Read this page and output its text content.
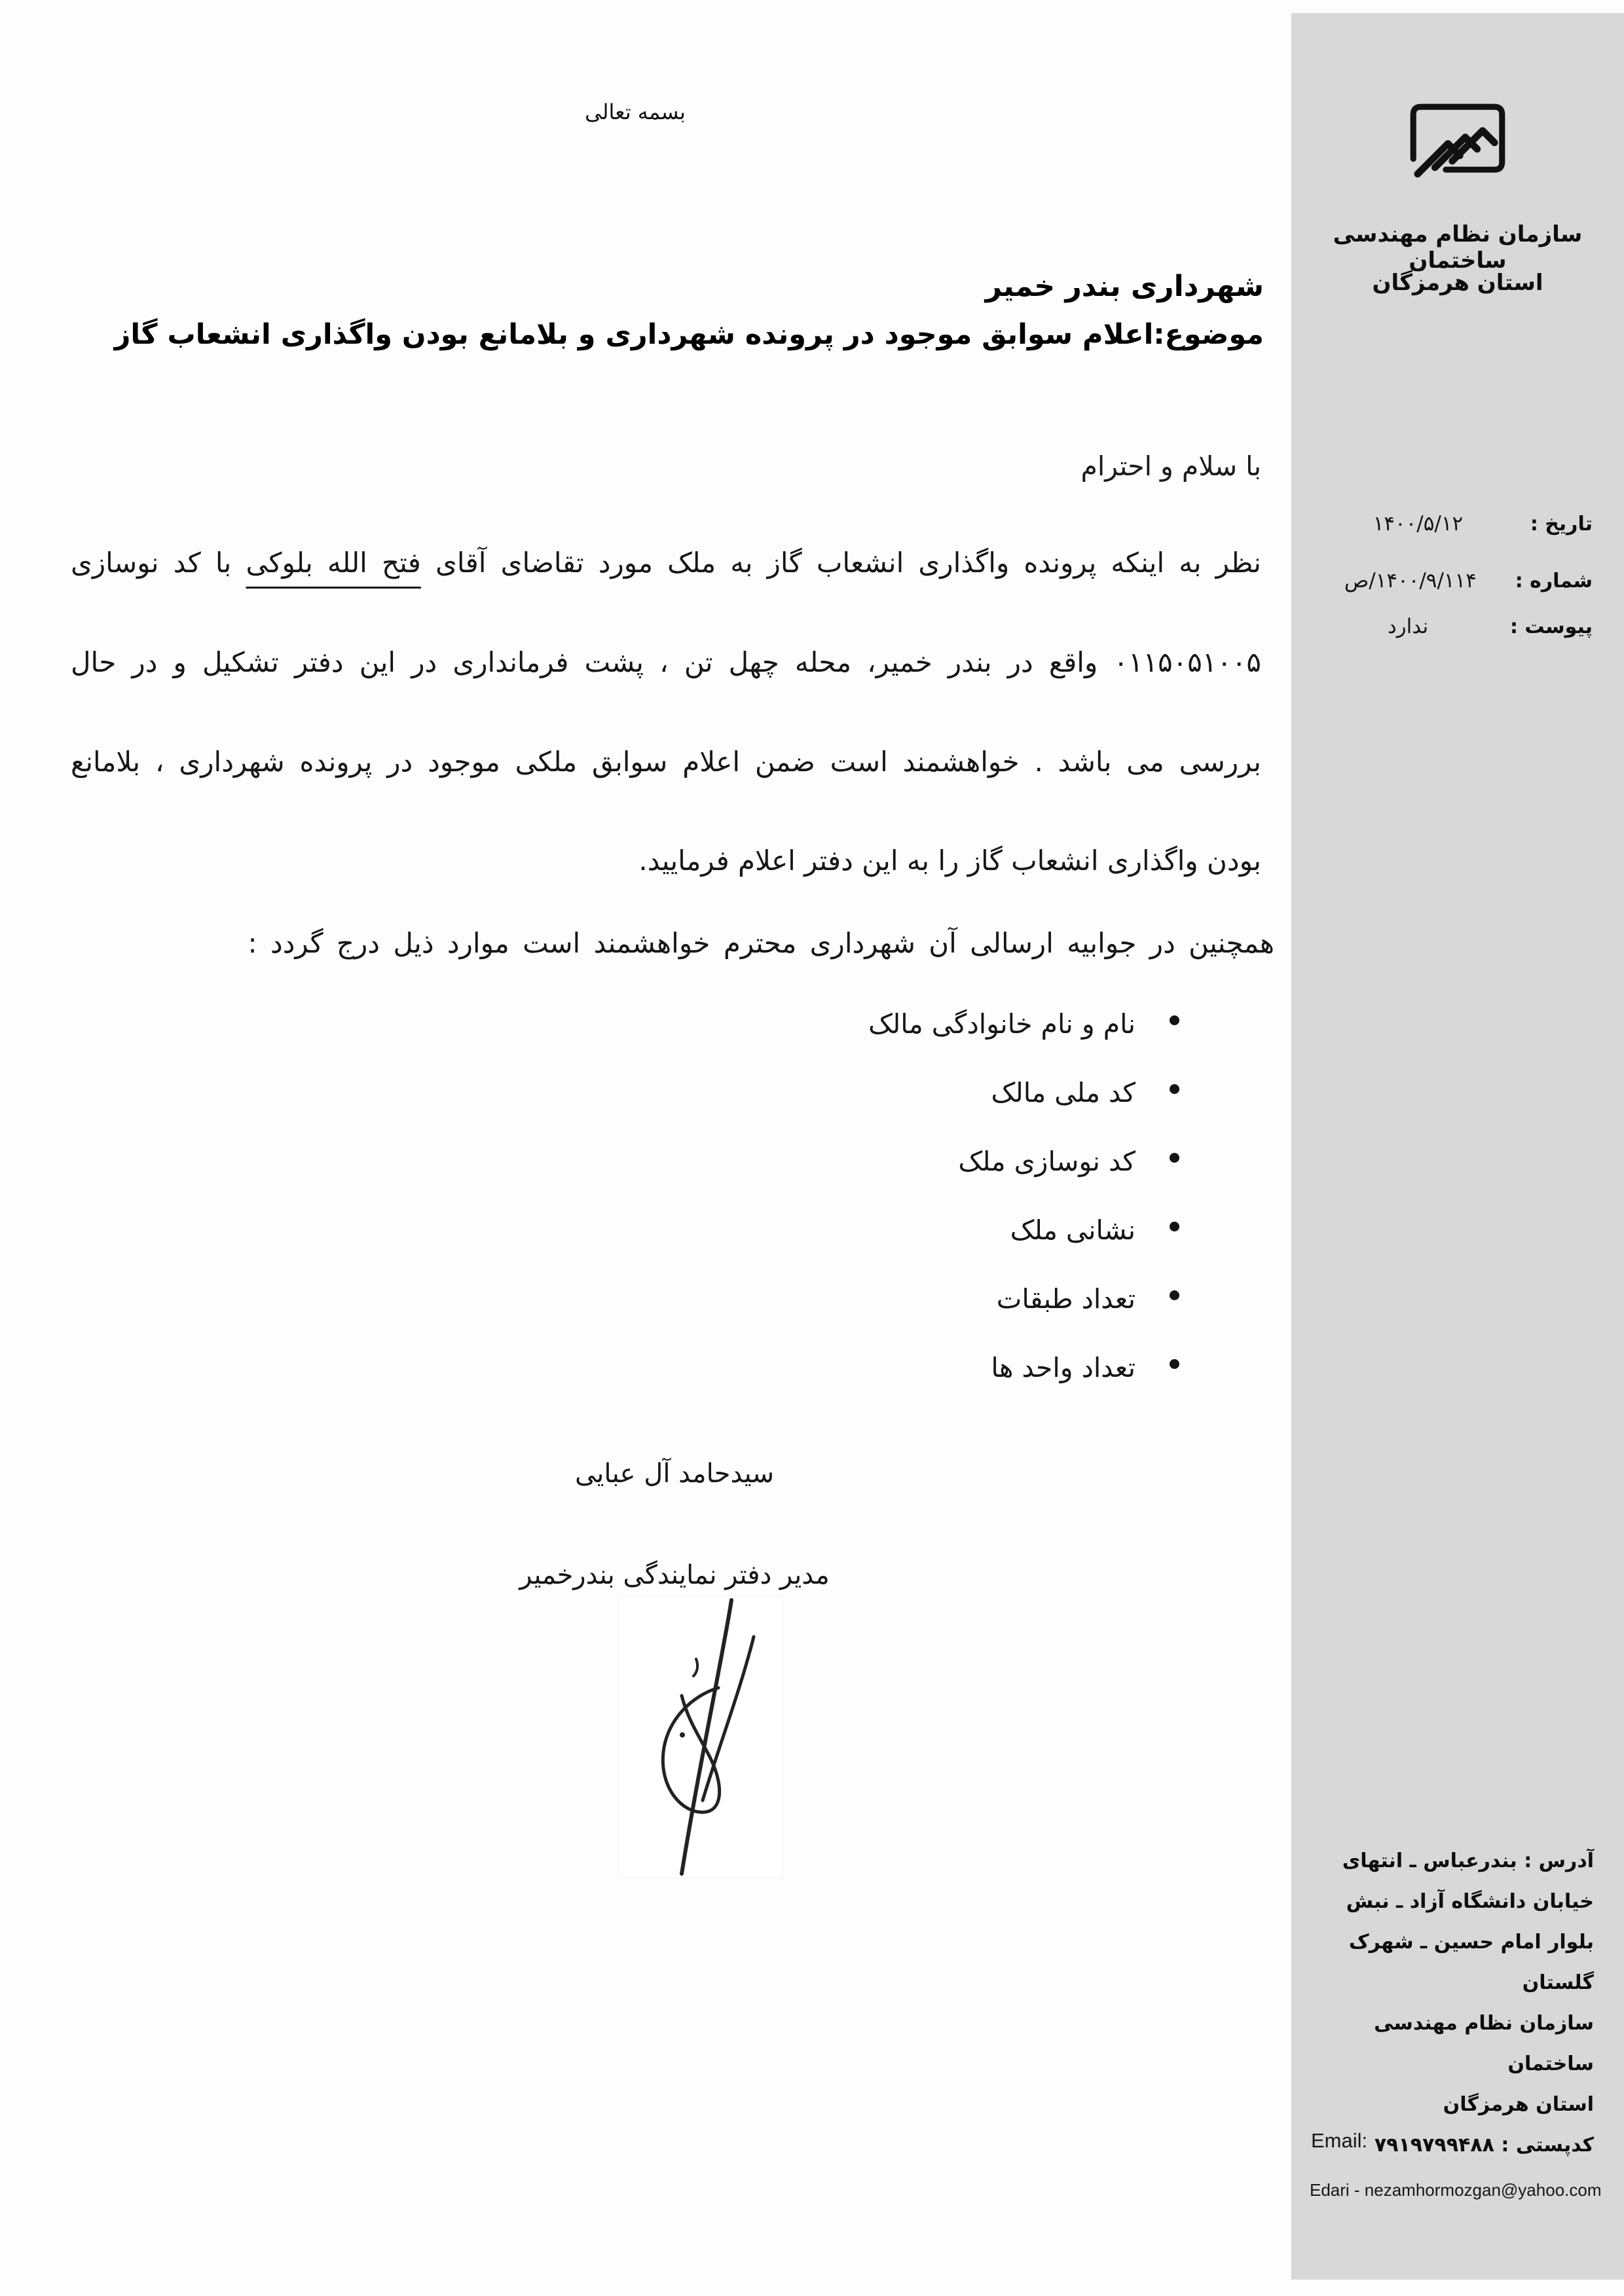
بسمه تعالی
شهرداری بندر خمیر
موضوع:اعلام سوابق موجود در پرونده شهرداری و بلامانع بودن واگذاری انشعاب گاز
با سلام و احترام
نظر به اینکه پرونده واگذاری انشعاب گاز به ملک مورد تقاضای آقای فتح الله بلوکی با کد نوسازی
۰۱۱۵۰۵۱۰۰۵ واقع در بندر خمیر، محله چهل تن ، پشت فرمانداری در این دفتر تشکیل و در حال
بررسی می باشد . خواهشمند است ضمن اعلام سوابق ملکی موجود در پرونده شهرداری ، بلامانع
بودن واگذاری انشعاب گاز را به این دفتر اعلام فرمایید.
همچنین در جوابیه ارسالی آن شهرداری محترم خواهشمند است موارد ذیل درج گردد :
نام و نام خانوادگی مالک
کد ملی مالک
کد نوسازی ملک
نشانی ملک
تعداد طبقات
تعداد واحد ها
سیدحامد آل عبایی
مدیر دفتر نمایندگی بندرخمیر
سازمان نظام مهندسی ساختمان
استان هرمزگان
تاریخ :
۱۴۰۰/۵/۱۲
شماره :
۱۴۰۰/۹/۱۱۴/ص
پیوست :
ندارد
آدرس : بندرعباس ـ انتهای
خیابان دانشگاه آزاد ـ نبش
بلوار امام حسین ـ شهرک
گلستان
سازمان نظام مهندسی ساختمان
استان هرمزگان
کدپستی : ۷۹۱۹۷۹۹۴۸۸
Email:
Edari - nezamhormozgan@yahoo.com
